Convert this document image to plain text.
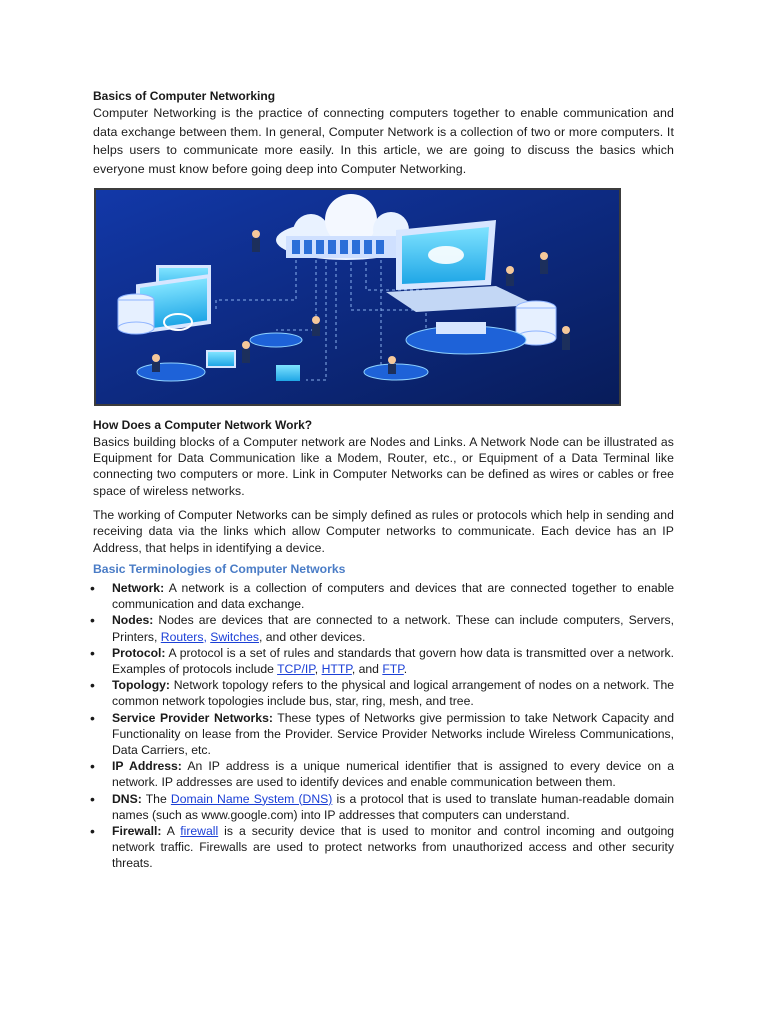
Basics of Computer Networking

Computer Networking is the practice of connecting computers together to enable communication and data exchange between them. In general, Computer Network is a collection of two or more computers. It helps users to communicate more easily. In this article, we are going to discuss the basics which everyone must know before going deep into Computer Networking.

How Does a Computer Network Work?

Basics building blocks of a Computer network are Nodes and Links. A Network Node can be illustrated as Equipment for Data Communication like a Modem, Router, etc., or Equipment of a Data Terminal like connecting two computers or more. Link in Computer Networks can be defined as wires or cables or free space of wireless networks.

The working of Computer Networks can be simply defined as rules or protocols which help in sending and receiving data via the links which allow Computer networks to communicate. Each device has an IP Address, that helps in identifying a device.

Basic Terminologies of Computer Networks

•	Network: A network is a collection of computers and devices that are connected together to enable communication and data exchange.
•	Nodes: Nodes are devices that are connected to a network. These can include computers, Servers, Printers, Routers, Switches, and other devices.
•	Protocol: A protocol is a set of rules and standards that govern how data is transmitted over a network. Examples of protocols include TCP/IP, HTTP, and FTP.
•	Topology: Network topology refers to the physical and logical arrangement of nodes on a network. The common network topologies include bus, star, ring, mesh, and tree.
•	Service Provider Networks: These types of Networks give permission to take Network Capacity and Functionality on lease from the Provider. Service Provider Networks include Wireless Communications, Data Carriers, etc.
•	IP Address: An IP address is a unique numerical identifier that is assigned to every device on a network. IP addresses are used to identify devices and enable communication between them.
•	DNS: The Domain Name System (DNS) is a protocol that is used to translate human-readable domain names (such as www.google.com) into IP addresses that computers can understand.
•	Firewall: A firewall is a security device that is used to monitor and control incoming and outgoing network traffic. Firewalls are used to protect networks from unauthorized access and other security threats.
